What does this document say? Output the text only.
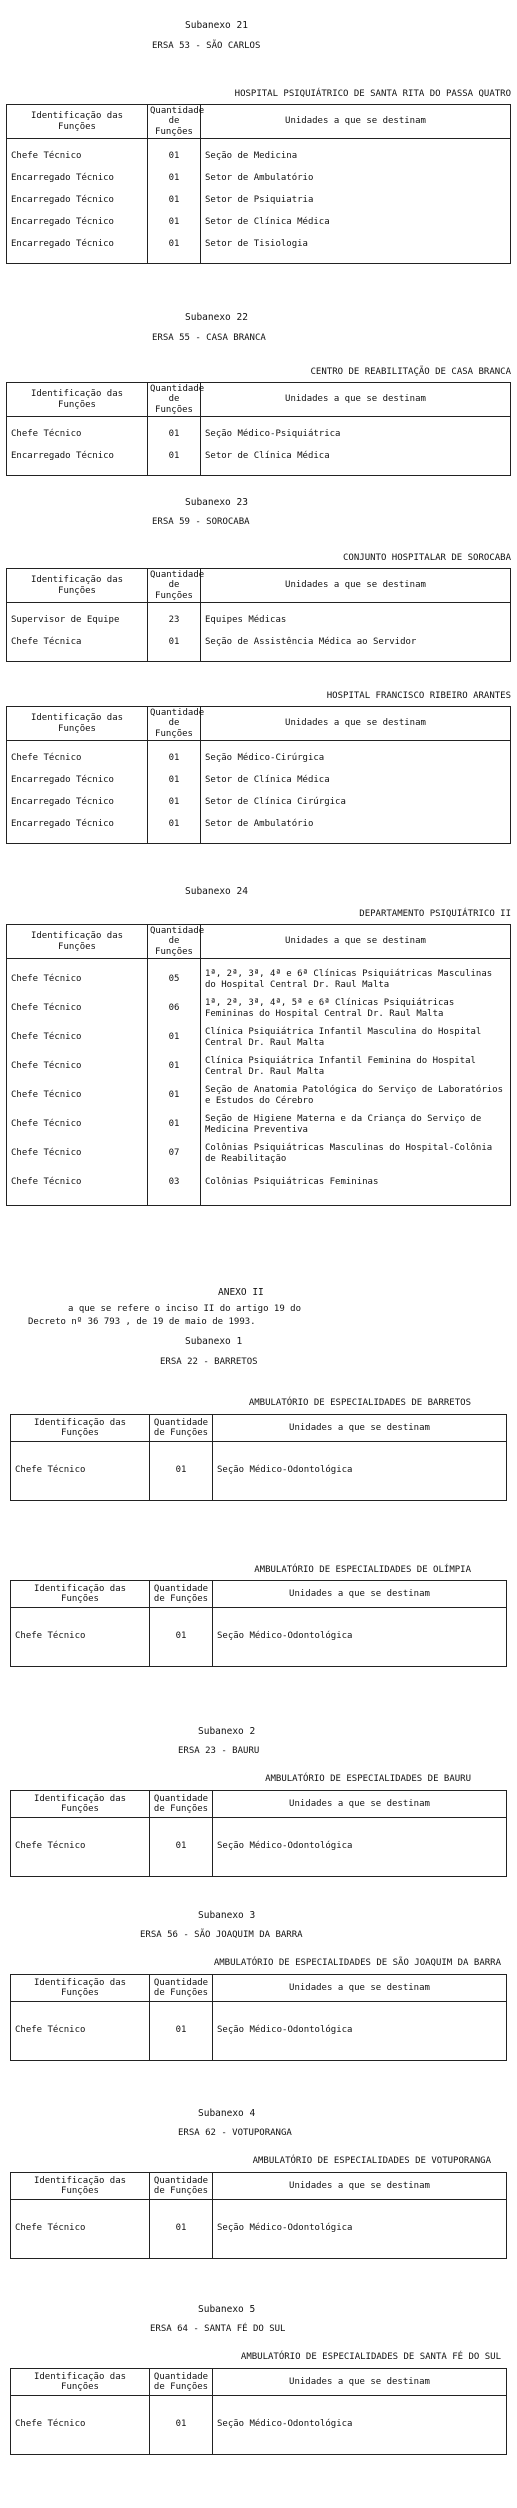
Subanexo 21
ERSA 53 - SÃO CARLOS
HOSPITAL PSIQUIÁTRICO DE SANTA RITA DO PASSA QUATRO
Identificação das Funções	Quantidade de Funções	Unidades a que se destinam

Chefe Técnico	01	Seção de Medicina
Encarregado Técnico	01	Setor de Ambulatório
Encarregado Técnico	01	Setor de Psiquiatria
Encarregado Técnico	01	Setor de Clínica Médica
Encarregado Técnico	01	Setor de Tisiologia

Subanexo 22
ERSA 55 - CASA BRANCA
CENTRO DE REABILITAÇÃO DE CASA BRANCA
Identificação das Funções	Quantidade de Funções	Unidades a que se destinam

Chefe Técnico	01	Seção Médico-Psiquiátrica
Encarregado Técnico	01	Setor de Clínica Médica

Subanexo 23
ERSA 59 - SOROCABA
CONJUNTO HOSPITALAR DE SOROCABA
Identificação das Funções	Quantidade de Funções	Unidades a que se destinam

Supervisor de Equipe	23	Equipes Médicas
Chefe Técnica	01	Seção de Assistência Médica ao Servidor

HOSPITAL FRANCISCO RIBEIRO ARANTES
Identificação das Funções	Quantidade de Funções	Unidades a que se destinam

Chefe Técnico	01	Seção Médico-Cirúrgica
Encarregado Técnico	01	Setor de Clínica Médica
Encarregado Técnico	01	Setor de Clínica Cirúrgica
Encarregado Técnico	01	Setor de Ambulatório

Subanexo 24
DEPARTAMENTO PSIQUIÁTRICO II
Identificação das Funções	Quantidade de Funções	Unidades a que se destinam

Chefe Técnico	05	1ª, 2ª, 3ª, 4ª e 6ª Clínicas Psiquiátricas Masculinas do Hospital Central Dr. Raul Malta
Chefe Técnico	06	1ª, 2ª, 3ª, 4ª, 5ª e 6ª Clínicas Psiquiátricas Femininas do Hospital Central Dr. Raul Malta
Chefe Técnico	01	Clínica Psiquiátrica Infantil Masculina do Hospital Central Dr. Raul Malta
Chefe Técnico	01	Clínica Psiquiátrica Infantil Feminina do Hospital Central Dr. Raul Malta
Chefe Técnico	01	Seção de Anatomia Patológica do Serviço de Laboratórios e Estudos do Cérebro
Chefe Técnico	01	Seção de Higiene Materna e da Criança do Serviço de Medicina Preventiva
Chefe Técnico	07	Colônias Psiquiátricas Masculinas do Hospital-Colônia de Reabilitação
Chefe Técnico	03	Colônias Psiquiátricas Femininas

ANEXO II
a que se refere o inciso II do artigo 19 do
Decreto nº 36 793 , de 19 de maio de 1993.
Subanexo 1
ERSA 22 - BARRETOS
AMBULATÓRIO DE ESPECIALIDADES DE BARRETOS
Identificação das Funções	Quantidade de Funções	Unidades a que se destinam

Chefe Técnico	01	Seção Médico-Odontológica

AMBULATÓRIO DE ESPECIALIDADES DE OLÍMPIA
Identificação das Funções	Quantidade de Funções	Unidades a que se destinam

Chefe Técnico	01	Seção Médico-Odontológica

Subanexo 2
ERSA 23 - BAURU
AMBULATÓRIO DE ESPECIALIDADES DE BAURU
Identificação das Funções	Quantidade de Funções	Unidades a que se destinam

Chefe Técnico	01	Seção Médico-Odontológica

Subanexo 3
ERSA 56 - SÃO JOAQUIM DA BARRA
AMBULATÓRIO DE ESPECIALIDADES DE SÃO JOAQUIM DA BARRA
Identificação das Funções	Quantidade de Funções	Unidades a que se destinam

Chefe Técnico	01	Seção Médico-Odontológica

Subanexo 4
ERSA 62 - VOTUPORANGA
AMBULATÓRIO DE ESPECIALIDADES DE VOTUPORANGA
Identificação das Funções	Quantidade de Funções	Unidades a que se destinam

Chefe Técnico	01	Seção Médico-Odontológica

Subanexo 5
ERSA 64 - SANTA FÉ DO SUL
AMBULATÓRIO DE ESPECIALIDADES DE SANTA FÉ DO SUL
Identificação das Funções	Quantidade de Funções	Unidades a que se destinam

Chefe Técnico	01	Seção Médico-Odontológica
